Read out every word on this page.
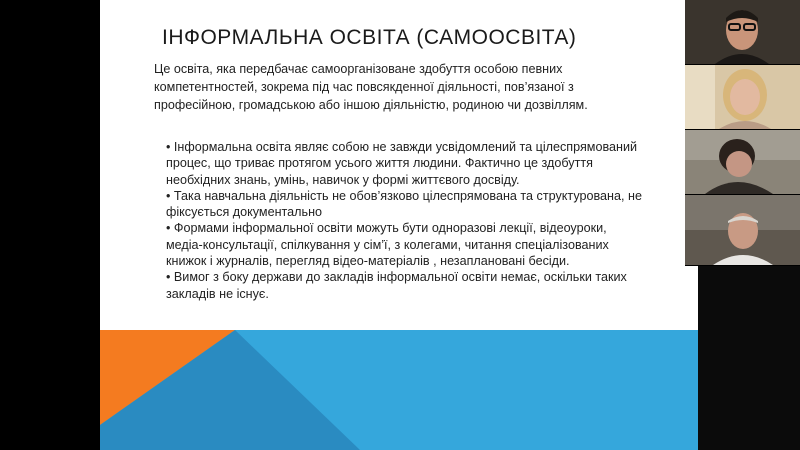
ІНФОРМАЛЬНА ОСВІТА (САМООСВІТА)
Це освіта, яка передбачає самоорганізоване здобуття особою певних
компетентностей, зокрема під час повсякденної діяльності, пов’язаної з
професійною, громадською або іншою діяльністю, родиною чи дозвіллям.
• Інформальна освіта являє собою не завжди усвідомлений та цілеспрямований
процес, що триває протягом усього життя людини. Фактично це здобуття
необхідних знань, умінь, навичок у формі життєвого досвіду.
• Така навчальна діяльність не обов’язково цілеспрямована та структурована, не
фіксується документально
• Формами інформальної освіти можуть бути одноразові лекції, відеоуроки,
медіа-консультації, спілкування у сім’ї, з колегами, читання спеціалізованих
книжок і журналів, перегляд відео-матеріалів , незаплановані бесіди.
• Вимог з боку держави до закладів інформальної освіти немає, оскільки таких
закладів не існує.
